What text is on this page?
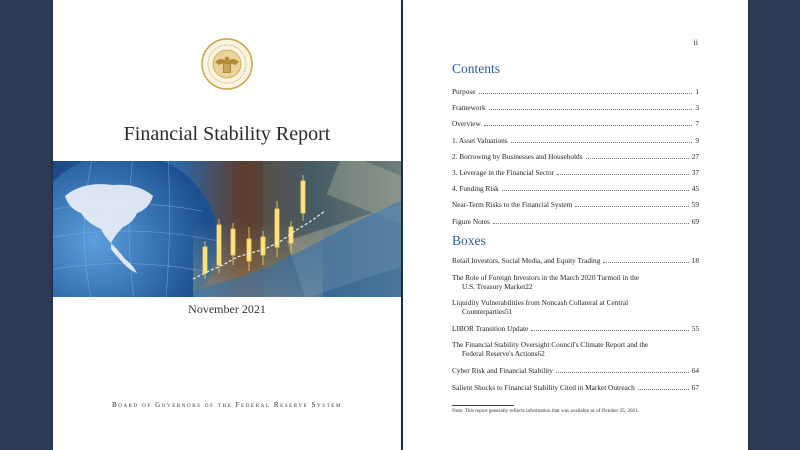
Financial Stability Report
November 2021
Board of Governors of the Federal Reserve System
ii
Contents
Purpose	1
Framework	3
Overview	7
1. Asset Valuations	9
2. Borrowing by Businesses and Households	27
3. Leverage in the Financial Sector	37
4. Funding Risk	45
Near-Term Risks to the Financial System	59
Figure Notes	69
Boxes
Retail Investors, Social Media, and Equity Trading	18
The Role of Foreign Investors in the March 2020 Turmoil in the
U.S. Treasury Market 22
Liquidity Vulnerabilities from Noncash Collateral at Central
Counterparties 51
LIBOR Transition Update	55
The Financial Stability Oversight Council's Climate Report and the
Federal Reserve's Actions 62
Cyber Risk and Financial Stability	64
Salient Shocks to Financial Stability Cited in Market Outreach	67
Note: This report generally reflects information that was available as of October 25, 2021.
